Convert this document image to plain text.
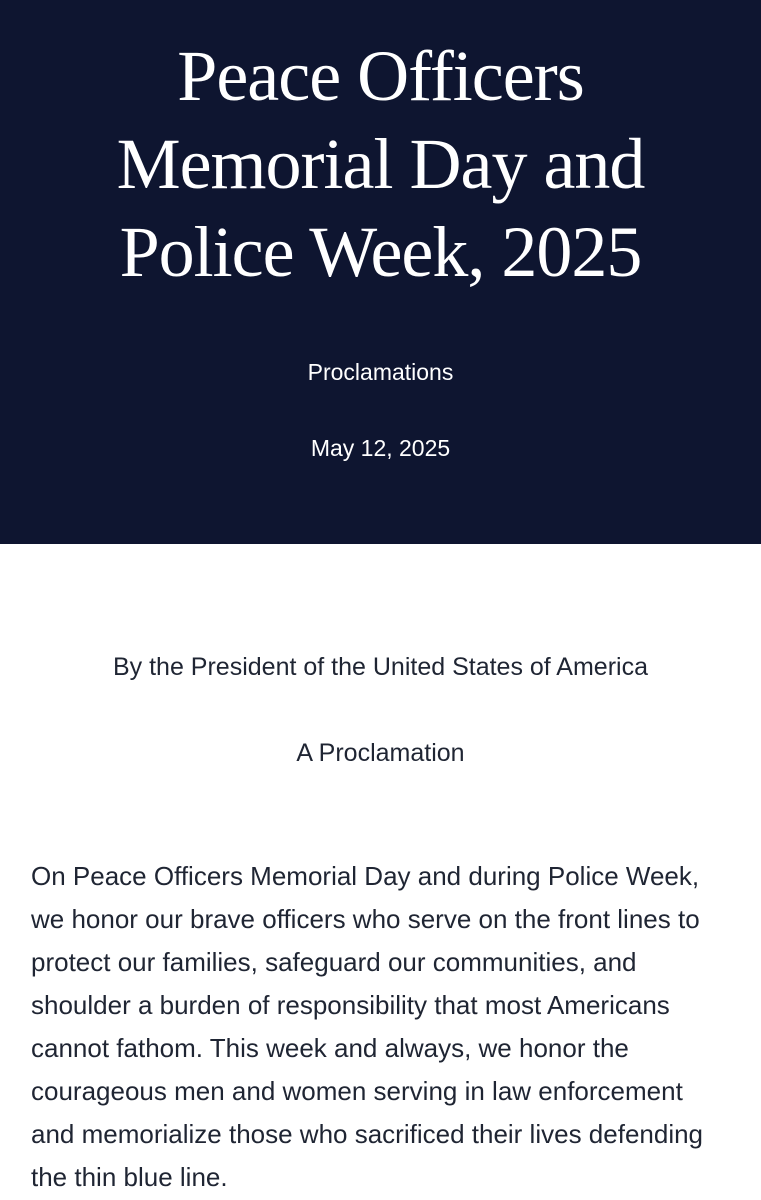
Peace Officers Memorial Day and Police Week, 2025
Proclamations
May 12, 2025

By the President of the United States of America

A Proclamation

On Peace Officers Memorial Day and during Police Week, we honor our brave officers who serve on the front lines to protect our families, safeguard our communities, and shoulder a burden of responsibility that most Americans cannot fathom. This week and always, we honor the courageous men and women serving in law enforcement and memorialize those who sacrificed their lives defending the thin blue line.
